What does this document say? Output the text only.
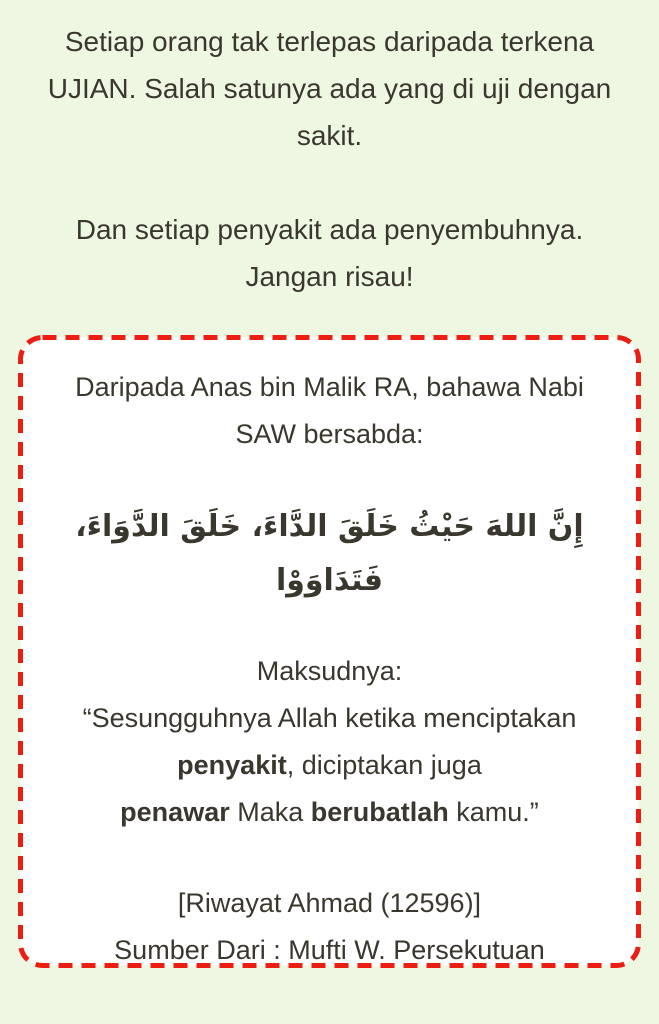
Setiap orang tak terlepas daripada terkena
UJIAN. Salah satunya ada yang di uji dengan
sakit.
Dan setiap penyakit ada penyembuhnya.
Jangan risau!
Daripada Anas bin Malik RA, bahawa Nabi
SAW bersabda:
إِنَّ اللهَ حَيْثُ خَلَقَ الدَّاءَ، خَلَقَ الدَّوَاءَ، فَتَدَاوَوْا
Maksudnya:
“Sesungguhnya Allah ketika menciptakan
penyakit, diciptakan juga
penawar Maka berubatlah kamu.”
[Riwayat Ahmad (12596)]
Sumber Dari : Mufti W. Persekutuan
